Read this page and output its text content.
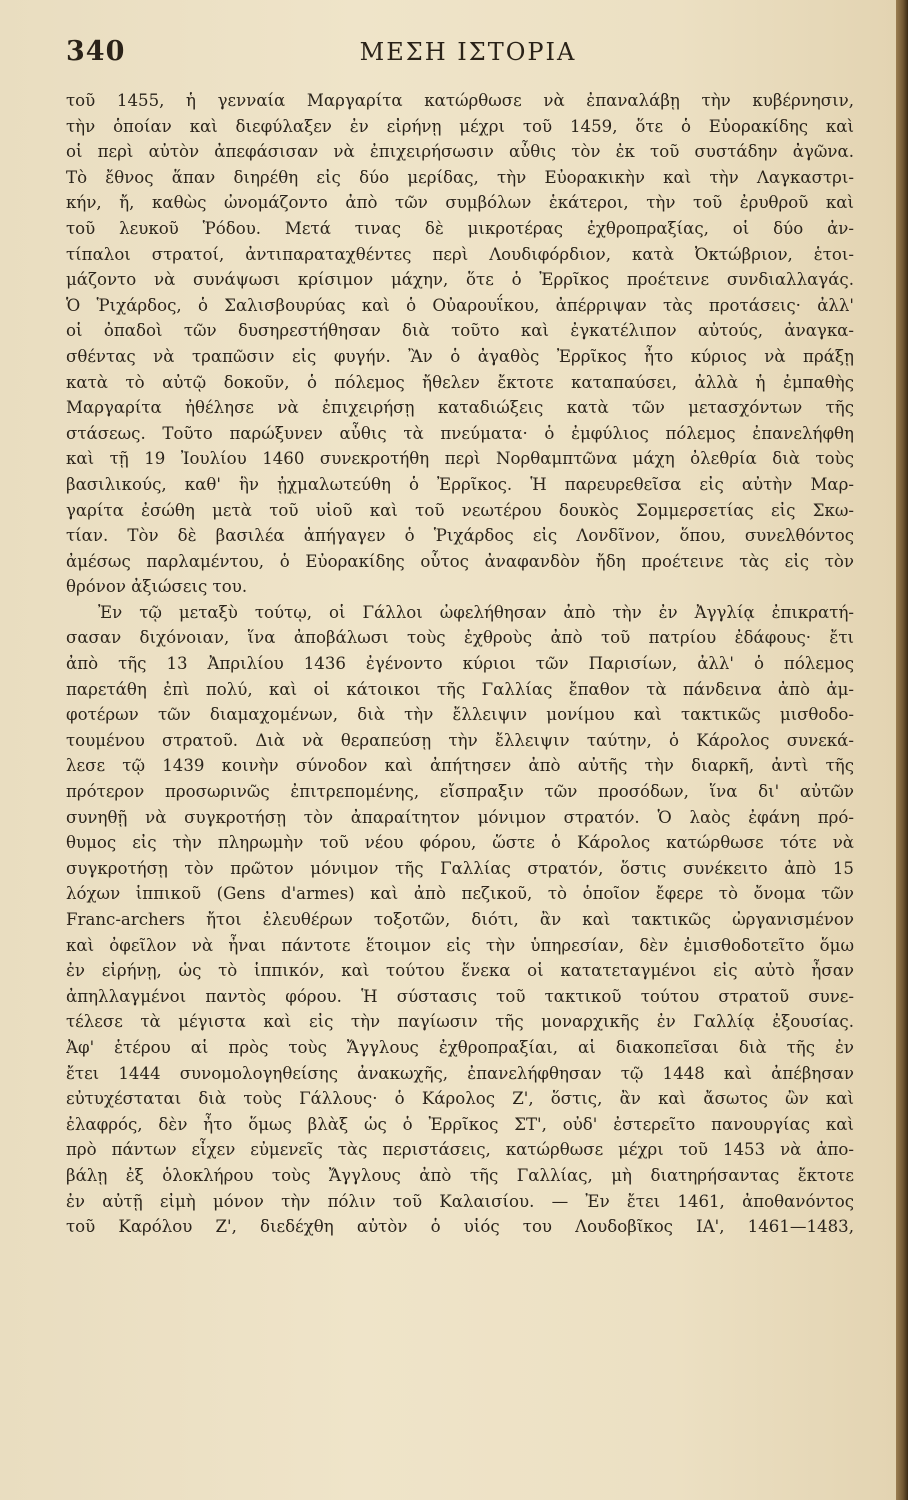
340	ΜΕΣΗ ΙΣΤΟΡΙΑ
τοῦ 1455, ἡ γενναία Μαργαρίτα κατώρθωσε νὰ ἐπαναλάβῃ τὴν κυβέρνησιν,
τὴν ὁποίαν καὶ διεφύλαξεν ἐν εἰρήνῃ μέχρι τοῦ 1459, ὅτε ὁ Εὐορακίδης καὶ
οἱ περὶ αὐτὸν ἀπεφάσισαν νὰ ἐπιχειρήσωσιν αὖθις τὸν ἐκ τοῦ συστάδην ἀγῶνα.
Τὸ ἔθνος ἅπαν διηρέθη εἰς δύο μερίδας, τὴν Εὐορακικὴν καὶ τὴν Λαγκαστρι-
κήν, ἤ, καθὼς ὠνομάζοντο ἀπὸ τῶν συμβόλων ἑκάτεροι, τὴν τοῦ ἐρυθροῦ καὶ
τοῦ λευκοῦ Ῥόδου. Μετά τινας δὲ μικροτέρας ἐχθροπραξίας, οἱ δύο ἀν-
τίπαλοι στρατοί, ἀντιπαραταχθέντες περὶ Λουδιφόρδιον, κατὰ Ὀκτώβριον, ἑτοι-
μάζοντο νὰ συνάψωσι κρίσιμον μάχην, ὅτε ὁ Ἐρρῖκος προέτεινε συνδιαλλαγάς.
Ὁ Ῥιχάρδος, ὁ Σαλισβουρύας καὶ ὁ Οὐαρουΐκου, ἀπέρριψαν τὰς προτάσεις· ἀλλ'
οἱ ὀπαδοὶ τῶν δυσηρεστήθησαν διὰ τοῦτο καὶ ἐγκατέλιπον αὐτούς, ἀναγκα-
σθέντας νὰ τραπῶσιν εἰς φυγήν. Ἂν ὁ ἀγαθὸς Ἐρρῖκος ἦτο κύριος νὰ πράξῃ
κατὰ τὸ αὐτῷ δοκοῦν, ὁ πόλεμος ἤθελεν ἔκτοτε καταπαύσει, ἀλλὰ ἡ ἐμπαθὴς
Μαργαρίτα ἠθέλησε νὰ ἐπιχειρήσῃ καταδιώξεις κατὰ τῶν μετασχόντων τῆς
στάσεως. Τοῦτο παρώξυνεν αὖθις τὰ πνεύματα· ὁ ἐμφύλιος πόλεμος ἐπανελήφθη
καὶ τῇ 19 Ἰουλίου 1460 συνεκροτήθη περὶ Νορθαμπτῶνα μάχη ὀλεθρία διὰ τοὺς
βασιλικούς, καθ' ἣν ᾐχμαλωτεύθη ὁ Ἐρρῖκος. Ἡ παρευρεθεῖσα εἰς αὐτὴν Μαρ-
γαρίτα ἐσώθη μετὰ τοῦ υἱοῦ καὶ τοῦ νεωτέρου δουκὸς Σομμερσετίας εἰς Σκω-
τίαν. Τὸν δὲ βασιλέα ἀπήγαγεν ὁ Ῥιχάρδος εἰς Λονδῖνον, ὅπου, συνελθόντος
ἀμέσως παρλαμέντου, ὁ Εὐορακίδης οὗτος ἀναφανδὸν ἤδη προέτεινε τὰς εἰς τὸν
θρόνον ἀξιώσεις του.
Ἐν τῷ μεταξὺ τούτῳ, οἱ Γάλλοι ὠφελήθησαν ἀπὸ τὴν ἐν Ἀγγλίᾳ ἐπικρατή-
σασαν διχόνοιαν, ἵνα ἀποβάλωσι τοὺς ἐχθροὺς ἀπὸ τοῦ πατρίου ἐδάφους· ἔτι
ἀπὸ τῆς 13 Ἀπριλίου 1436 ἐγένοντο κύριοι τῶν Παρισίων, ἀλλ' ὁ πόλεμος
παρετάθη ἐπὶ πολύ, καὶ οἱ κάτοικοι τῆς Γαλλίας ἔπαθον τὰ πάνδεινα ἀπὸ ἀμ-
φοτέρων τῶν διαμαχομένων, διὰ τὴν ἔλλειψιν μονίμου καὶ τακτικῶς μισθοδο-
τουμένου στρατοῦ. Διὰ νὰ θεραπεύσῃ τὴν ἔλλειψιν ταύτην, ὁ Κάρολος συνεκά-
λεσε τῷ 1439 κοινὴν σύνοδον καὶ ἀπήτησεν ἀπὸ αὐτῆς τὴν διαρκῆ, ἀντὶ τῆς
πρότερον προσωρινῶς ἐπιτρεπομένης, εἴσπραξιν τῶν προσόδων, ἵνα δι' αὐτῶν
συνηθῇ νὰ συγκροτήσῃ τὸν ἀπαραίτητον μόνιμον στρατόν. Ὁ λαὸς ἐφάνη πρό-
θυμος εἰς τὴν πληρωμὴν τοῦ νέου φόρου, ὥστε ὁ Κάρολος κατώρθωσε τότε νὰ
συγκροτήσῃ τὸν πρῶτον μόνιμον τῆς Γαλλίας στρατόν, ὅστις συνέκειτο ἀπὸ 15
λόχων ἱππικοῦ (Gens d'armes) καὶ ἀπὸ πεζικοῦ, τὸ ὁποῖον ἔφερε τὸ ὄνομα τῶν
Franc-archers ἤτοι ἐλευθέρων τοξοτῶν, διότι, ἂν καὶ τακτικῶς ὠργανισμένον
καὶ ὀφεῖλον νὰ ἦναι πάντοτε ἕτοιμον εἰς τὴν ὑπηρεσίαν, δὲν ἐμισθοδοτεῖτο ὅμω
ἐν εἰρήνῃ, ὡς τὸ ἱππικόν, καὶ τούτου ἕνεκα οἱ κατατεταγμένοι εἰς αὐτὸ ἦσαν
ἀπηλλαγμένοι παντὸς φόρου. Ἡ σύστασις τοῦ τακτικοῦ τούτου στρατοῦ συνε-
τέλεσε τὰ μέγιστα καὶ εἰς τὴν παγίωσιν τῆς μοναρχικῆς ἐν Γαλλίᾳ ἐξουσίας.
Ἀφ' ἑτέρου αἱ πρὸς τοὺς Ἄγγλους ἐχθροπραξίαι, αἱ διακοπεῖσαι διὰ τῆς ἐν
ἔτει 1444 συνομολογηθείσης ἀνακωχῆς, ἐπανελήφθησαν τῷ 1448 καὶ ἀπέβησαν
εὐτυχέσταται διὰ τοὺς Γάλλους· ὁ Κάρολος Ζ', ὅστις, ἂν καὶ ἄσωτος ὢν καὶ
ἐλαφρός, δὲν ἦτο ὅμως βλὰξ ὡς ὁ Ἐρρῖκος ΣΤ', οὐδ' ἐστερεῖτο πανουργίας καὶ
πρὸ πάντων εἶχεν εὐμενεῖς τὰς περιστάσεις, κατώρθωσε μέχρι τοῦ 1453 νὰ ἀπο-
βάλῃ ἐξ ὁλοκλήρου τοὺς Ἄγγλους ἀπὸ τῆς Γαλλίας, μὴ διατηρήσαντας ἔκτοτε
ἐν αὐτῇ εἰμὴ μόνον τὴν πόλιν τοῦ Καλαισίου. — Ἐν ἔτει 1461, ἀποθανόντος
τοῦ Καρόλου Ζ', διεδέχθη αὐτὸν ὁ υἱός του Λουδοβῖκος ΙΑ', 1461—1483,
